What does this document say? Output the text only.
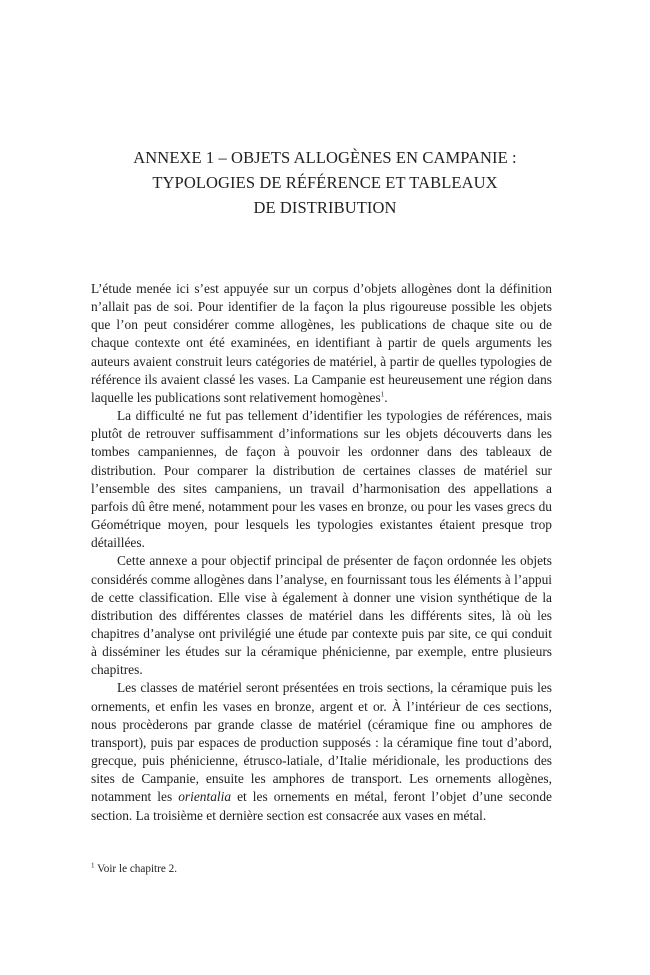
ANNEXE 1 – OBJETS ALLOGÈNES EN CAMPANIE :
TYPOLOGIES DE RÉFÉRENCE ET TABLEAUX
DE DISTRIBUTION

L’étude menée ici s’est appuyée sur un corpus d’objets allogènes dont la définition n’allait pas de soi. Pour identifier de la façon la plus rigoureuse possible les objets que l’on peut considérer comme allogènes, les publications de chaque site ou de chaque contexte ont été examinées, en identifiant à partir de quels arguments les auteurs avaient construit leurs catégories de matériel, à partir de quelles typologies de référence ils avaient classé les vases. La Campanie est heureusement une région dans laquelle les publications sont relativement homogènes$^1$.

La difficulté ne fut pas tellement d’identifier les typologies de références, mais plutôt de retrouver suffisamment d’informations sur les objets découverts dans les tombes campaniennes, de façon à pouvoir les ordonner dans des tableaux de distribution. Pour comparer la distribution de certaines classes de matériel sur l’ensemble des sites campaniens, un travail d’harmonisation des appellations a parfois dû être mené, notamment pour les vases en bronze, ou pour les vases grecs du Géométrique moyen, pour lesquels les typologies existantes étaient presque trop détaillées.

Cette annexe a pour objectif principal de présenter de façon ordonnée les objets considérés comme allogènes dans l’analyse, en fournissant tous les éléments à l’appui de cette classification. Elle vise à également à donner une vision synthétique de la distribution des différentes classes de matériel dans les différents sites, là où les chapitres d’analyse ont privilégié une étude par contexte puis par site, ce qui conduit à disséminer les études sur la céramique phénicienne, par exemple, entre plusieurs chapitres.

Les classes de matériel seront présentées en trois sections, la céramique puis les ornements, et enfin les vases en bronze, argent et or. À l’intérieur de ces sections, nous procèderons par grande classe de matériel (céramique fine ou amphores de transport), puis par espaces de production supposés : la céramique fine tout d’abord, grecque, puis phénicienne, étrusco-latiale, d’Italie méridionale, les productions des sites de Campanie, ensuite les amphores de transport. Les ornements allogènes, notamment les orientalia et les ornements en métal, feront l’objet d’une seconde section. La troisième et dernière section est consacrée aux vases en métal.

$^1$ Voir le chapitre 2.
